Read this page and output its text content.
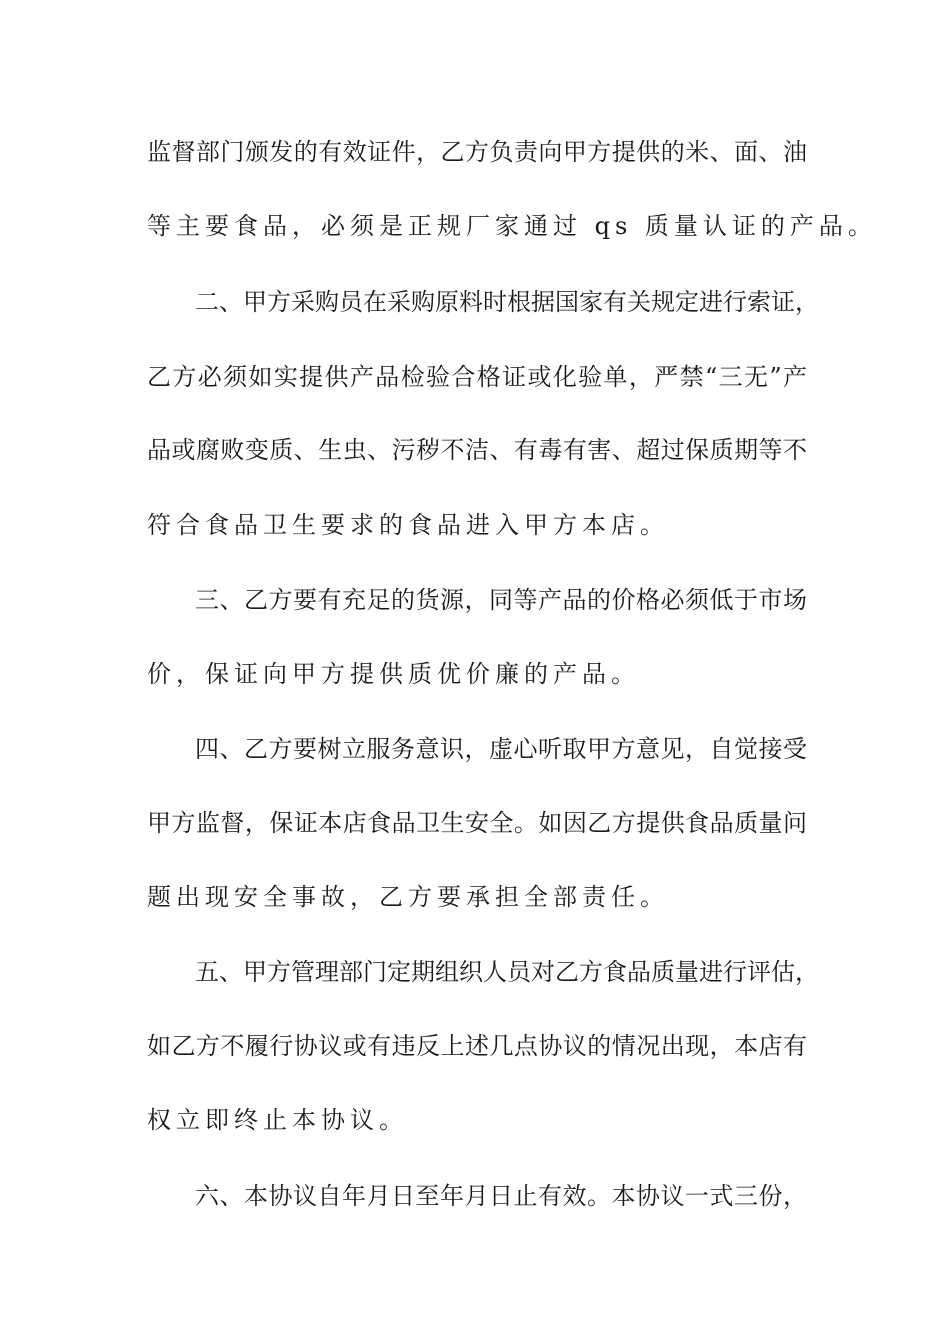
监督部门颁发的有效证件，乙方负责向甲方提供的米、面、油
等主要食品，必须是正规厂家通过 qs 质量认证的产品。
二、甲方采购员在采购原料时根据国家有关规定进行索证，
乙方必须如实提供产品检验合格证或化验单，严禁“三无”产
品或腐败变质、生虫、污秽不洁、有毒有害、超过保质期等不
符合食品卫生要求的食品进入甲方本店。
三、乙方要有充足的货源，同等产品的价格必须低于市场
价，保证向甲方提供质优价廉的产品。
四、乙方要树立服务意识，虚心听取甲方意见，自觉接受
甲方监督，保证本店食品卫生安全。如因乙方提供食品质量问
题出现安全事故，乙方要承担全部责任。
五、甲方管理部门定期组织人员对乙方食品质量进行评估，
如乙方不履行协议或有违反上述几点协议的情况出现，本店有
权立即终止本协议。
六、本协议自年月日至年月日止有效。本协议一式三份，
